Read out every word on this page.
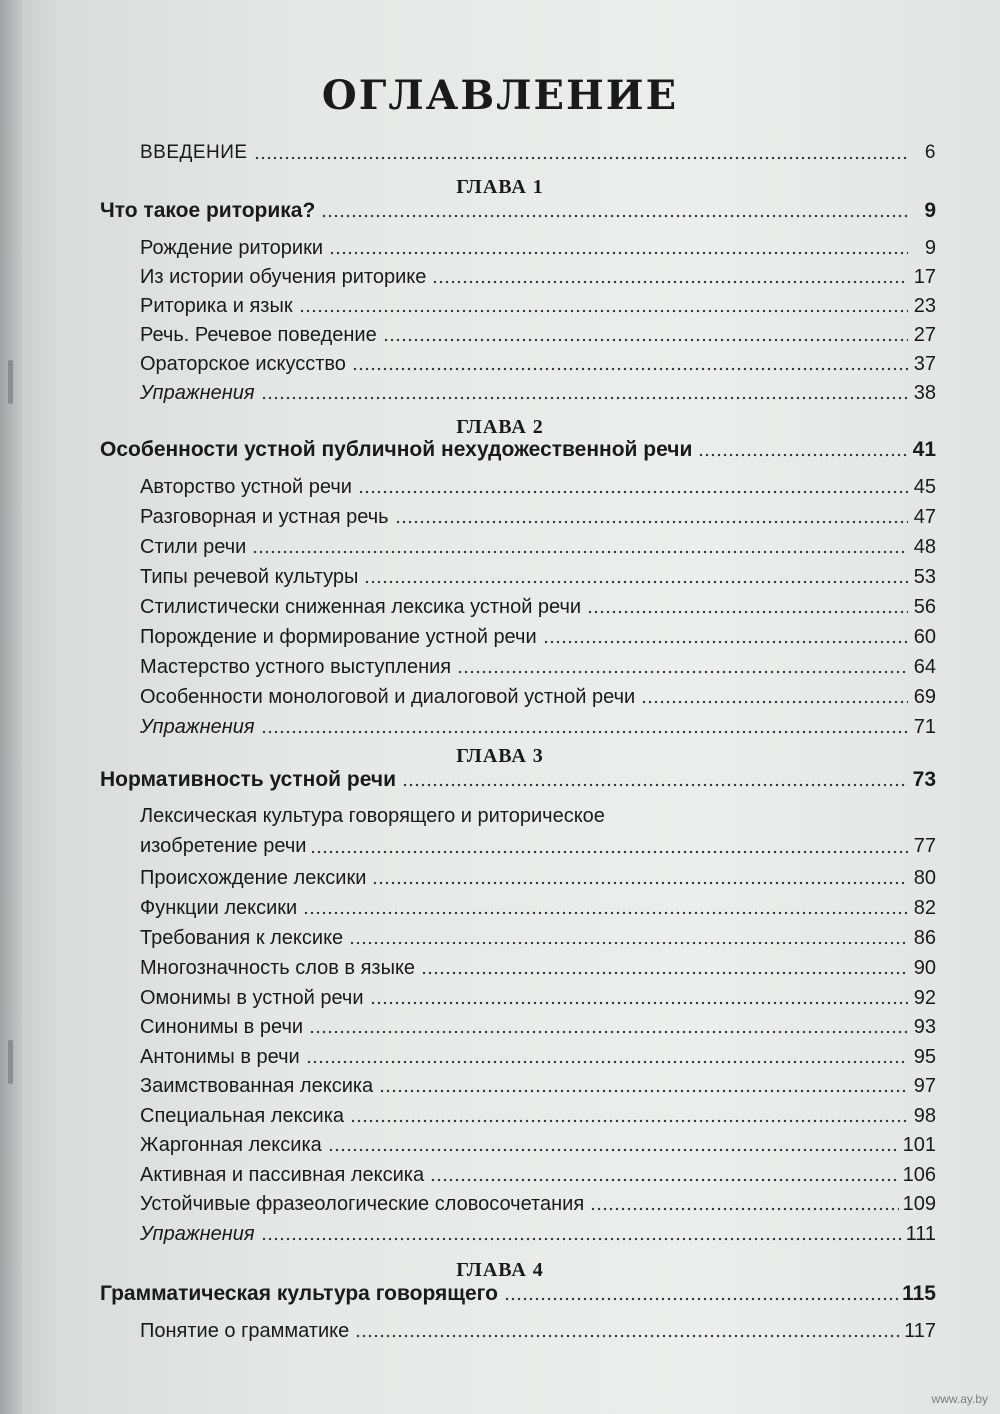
ОГЛАВЛЕНИЕ
ВВЕДЕНИЕ	6
ГЛАВА 1
Что такое риторика?	9
Рождение риторики	9
Из истории обучения риторике	17
Риторика и язык	23
Речь. Речевое поведение	27
Ораторское искусство	37
Упражнения	38
ГЛАВА 2
Особенности устной публичной нехудожественной речи	41
Авторство устной речи	45
Разговорная и устная речь	47
Стили речи	48
Типы речевой культуры	53
Стилистически сниженная лексика устной речи	56
Порождение и формирование устной речи	60
Мастерство устного выступления	64
Особенности монологовой и диалоговой устной речи	69
Упражнения	71
ГЛАВА 3
Нормативность устной речи	73
Лексическая культура говорящего и риторическое
изобретение речи	77
Происхождение лексики	80
Функции лексики	82
Требования к лексике	86
Многозначность слов в языке	90
Омонимы в устной речи	92
Синонимы в речи	93
Антонимы в речи	95
Заимствованная лексика	97
Специальная лексика	98
Жаргонная лексика	101
Активная и пассивная лексика	106
Устойчивые фразеологические словосочетания	109
Упражнения	111
ГЛАВА 4
Грамматическая культура говорящего	115
Понятие о грамматике	117
www.ay.by
